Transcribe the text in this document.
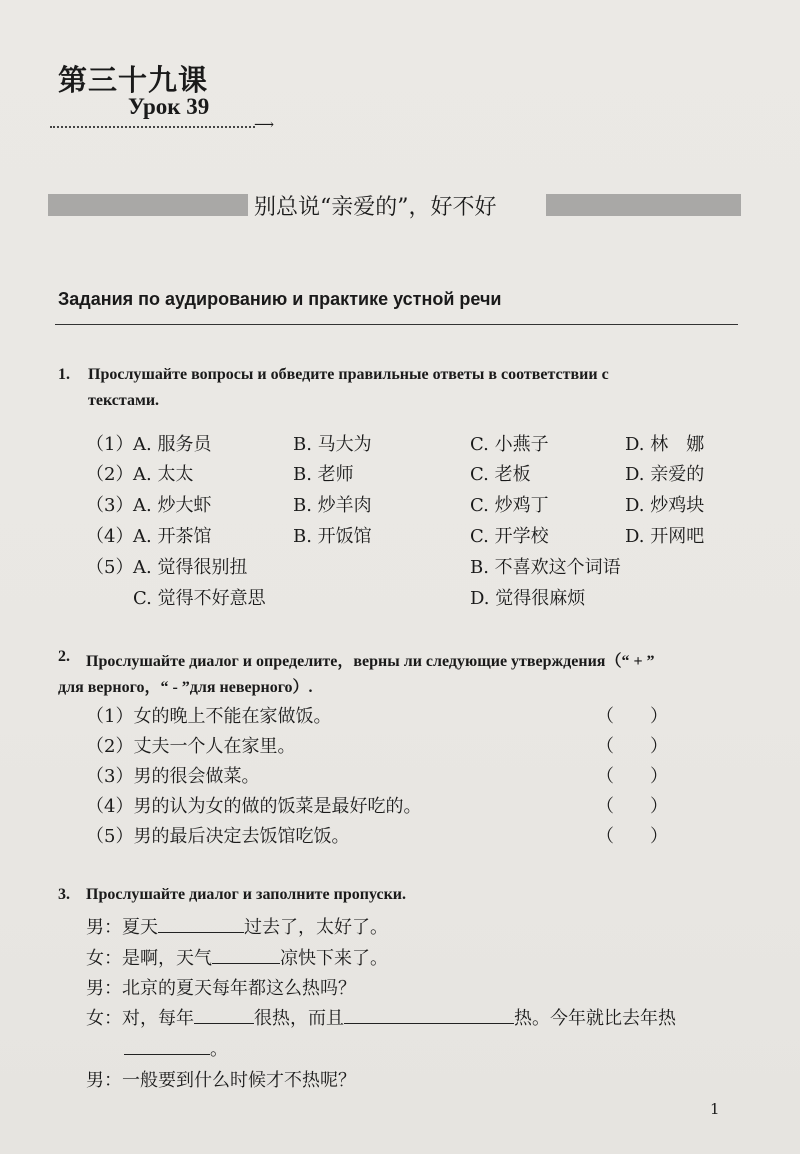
第三十九课
Урок 39
⟶
别总说“亲爱的”，好不好
Задания по аудированию и практике устной речи
1. Прослушайте вопросы и обведите правильные ответы в соответствии с
текстами.
（1） A. 服务员	B. 马大为	C. 小燕子	D. 林　娜
（2） A. 太太	B. 老师	C. 老板	D. 亲爱的
（3） A. 炒大虾	B. 炒羊肉	C. 炒鸡丁	D. 炒鸡块
（4） A. 开茶馆	B. 开饭馆	C. 开学校	D. 开网吧
（5） A. 觉得很别扭	B. 不喜欢这个词语
C. 觉得不好意思	D. 觉得很麻烦
2. Прослушайте диалог и определите，верны ли следующие утверждения（“ + ”
для верного，“ - ”для неверного）.
（1）女的晚上不能在家做饭。	（　　）
（2）丈夫一个人在家里。	（　　）
（3）男的很会做菜。	（　　）
（4）男的认为女的做的饭菜是最好吃的。	（　　）
（5）男的最后决定去饭馆吃饭。	（　　）
3. Прослушайте диалог и заполните пропуски.
男：夏天	过去了，太好了。
女：是啊，天气	凉快下来了。
男：北京的夏天每年都这么热吗？
女：对，每年	很热，而且	热。今年就比去年热
。
男：一般要到什么时候才不热呢？
1
